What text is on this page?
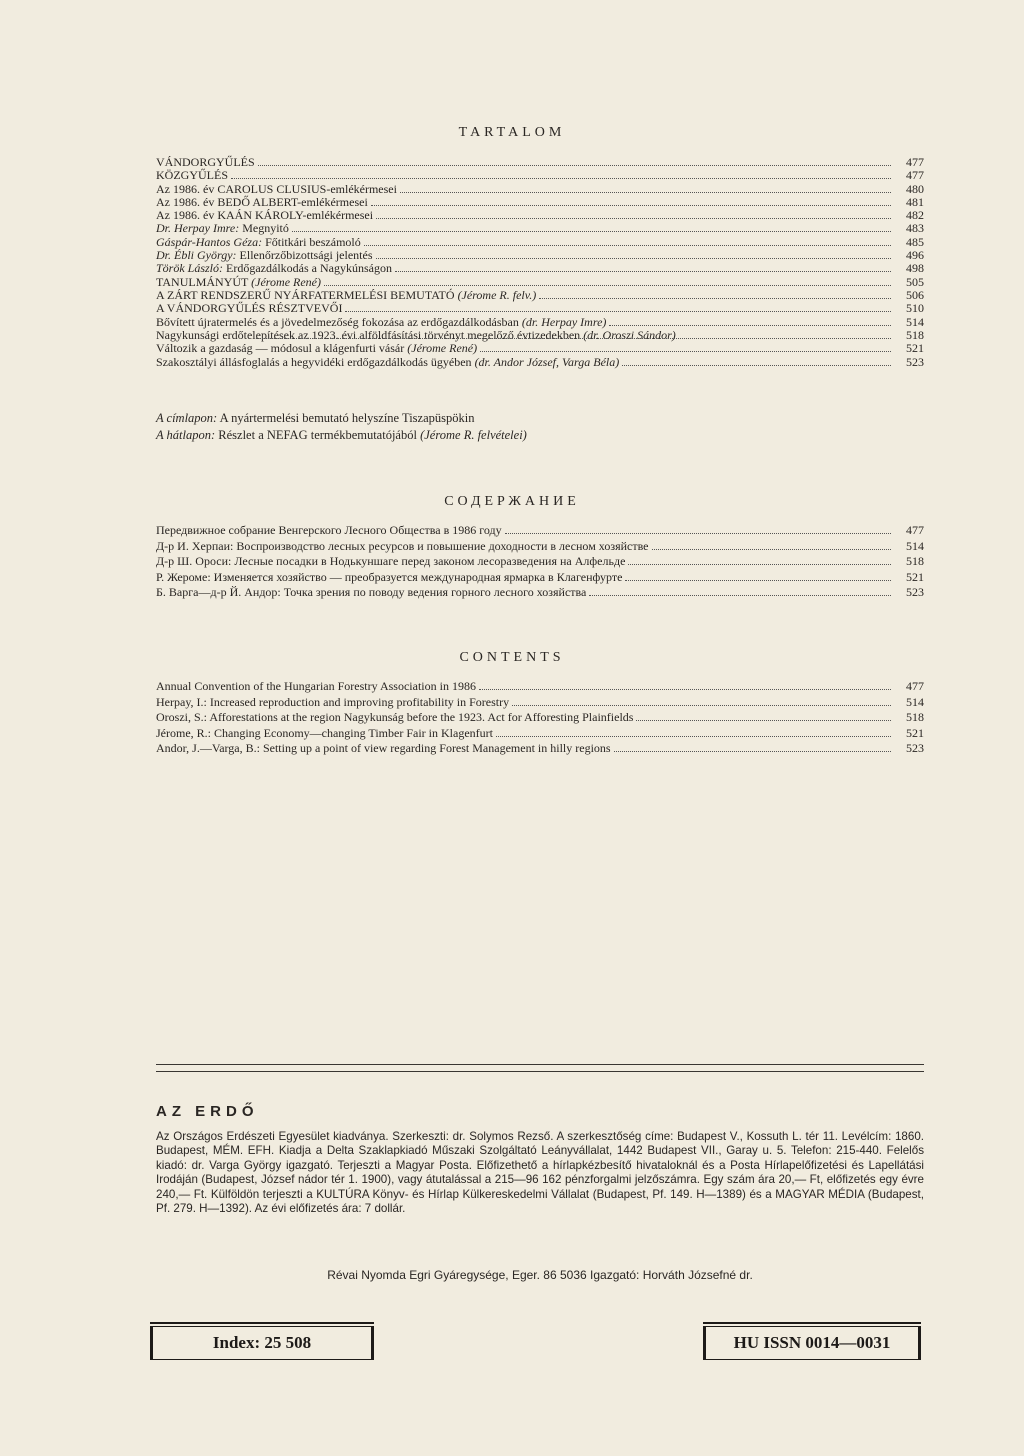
TARTALOM
VÁNDORGYŰLÉS	477
KÖZGYŰLÉS	477
Az 1986. év CAROLUS CLUSIUS-emlékérmesei	480
Az 1986. év BEDŐ ALBERT-emlékérmesei	481
Az 1986. év KAÁN KÁROLY-emlékérmesei	482
Dr. Herpay Imre: Megnyitó	483
Gáspár-Hantos Géza: Főtitkári beszámoló	485
Dr. Ébli György: Ellenőrzőbizottsági jelentés	496
Török László: Erdőgazdálkodás a Nagykúnságon	498
TANULMÁNYÚT (Jérome René)	505
A ZÁRT RENDSZERŰ NYÁRFATERMELÉSI BEMUTATÓ (Jérome R. felv.)	506
A VÁNDORGYŰLÉS RÉSZTVEVŐI	510
Bővített újratermelés és a jövedelmezőség fokozása az erdőgazdálkodásban (dr. Herpay Imre)	514
Nagykunsági erdőtelepítések az 1923. évi alföldfásítási törvényt megelőző évtizedekben (dr. Oroszi Sándor)	518
Változik a gazdaság — módosul a klágenfurti vásár (Jérome René)	521
Szakosztályi állásfoglalás a hegyvidéki erdőgazdálkodás ügyében (dr. Andor József, Varga Béla)	523
A címlapon: A nyártermelési bemutató helyszíne Tiszapüspökin
A hátlapon: Részlet a NEFAG termékbemutatójából (Jérome R. felvételei)
СОДЕРЖАНИЕ
Передвижное собрание Венгерского Лесного Общества в 1986 году	477
Д-р И. Херпаи: Воспроизводство лесных ресурсов и повышение доходности в лесном хозяйстве	514
Д-р Ш. Ороси: Лесные посадки в Нодькуншаге перед законом лесоразведения на Алфельде	518
Р. Жероме: Изменяется хозяйство — преобразуется международная ярмарка в Клагенфурте	521
Б. Варга—д-р Й. Андор: Точка зрения по поводу ведения горного лесного хозяйства	523
CONTENTS
Annual Convention of the Hungarian Forestry Association in 1986	477
Herpay, I.: Increased reproduction and improving profitability in Forestry	514
Oroszi, S.: Afforestations at the region Nagykunság before the 1923. Act for Afforesting Plainfields	518
Jérome, R.: Changing Economy—changing Timber Fair in Klagenfurt	521
Andor, J.—Varga, B.: Setting up a point of view regarding Forest Management in hilly regions	523
AZ ERDŐ
Az Országos Erdészeti Egyesület kiadványa. Szerkeszti: dr. Solymos Rezső. A szerkesztőség címe: Budapest V., Kossuth L. tér 11. Levélcím: 1860. Budapest, MÉM. EFH. Kiadja a Delta Szaklapkiadó Műszaki Szolgáltató Leányvállalat, 1442 Budapest VII., Garay u. 5. Telefon: 215-440. Felelős kiadó: dr. Varga György igazgató. Terjeszti a Magyar Posta. Előfizethető a hírlapkézbesítő hivataloknál és a Posta Hírlapelőfizetési és Lapellátási Irodáján (Budapest, József nádor tér 1. 1900), vagy átutalással a 215—96 162 pénzforgalmi jelzőszámra. Egy szám ára 20,— Ft, előfizetés egy évre 240,— Ft. Külföldön terjeszti a KULTÚRA Könyv- és Hírlap Külkereskedelmi Vállalat (Budapest, Pf. 149. H—1389) és a MAGYAR MÉDIA (Budapest, Pf. 279. H—1392). Az évi előfizetés ára: 7 dollár.
Révai Nyomda Egri Gyáregysége, Eger. 86 5036 Igazgató: Horváth Józsefné dr.
Index: 25 508	HU ISSN 0014—0031
